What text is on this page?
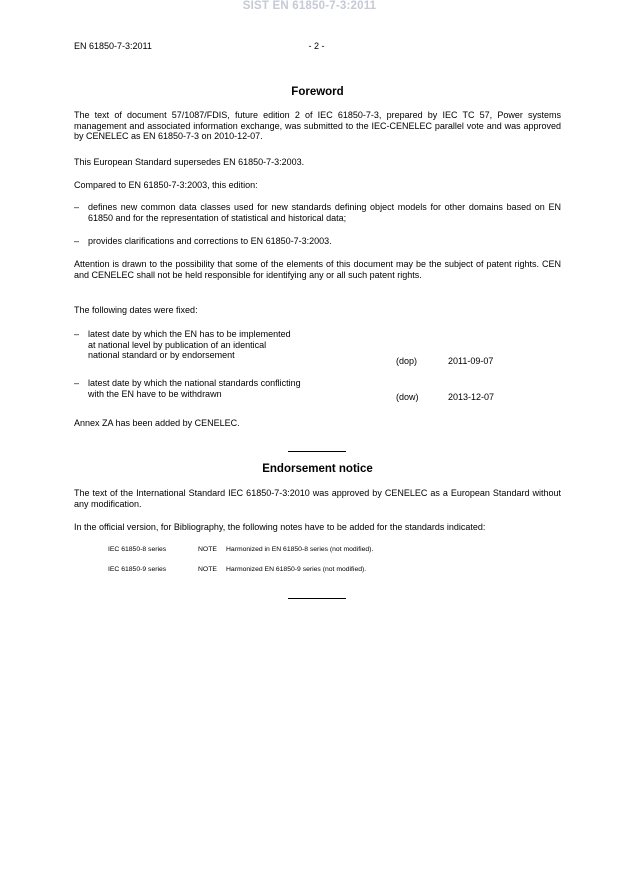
SIST EN 61850-7-3:2011
EN 61850-7-3:2011	- 2 -
Foreword

The text of document 57/1087/FDIS, future edition 2 of IEC 61850-7-3, prepared by IEC TC 57, Power systems management and associated information exchange, was submitted to the IEC-CENELEC parallel vote and was approved by CENELEC as EN 61850-7-3 on 2010-12-07.

This European Standard supersedes EN 61850-7-3:2003.

Compared to EN 61850-7-3:2003, this edition:

– defines new common data classes used for new standards defining object models for other domains based on EN 61850 and for the representation of statistical and historical data;
– provides clarifications and corrections to EN 61850-7-3:2003.

Attention is drawn to the possibility that some of the elements of this document may be the subject of patent rights. CEN and CENELEC shall not be held responsible for identifying any or all such patent rights.

The following dates were fixed:

– latest date by which the EN has to be implemented
at national level by publication of an identical
national standard or by endorsement
(dop)	2011-09-07
– latest date by which the national standards conflicting
with the EN have to be withdrawn	(dow)	2013-12-07

Annex ZA has been added by CENELEC.

Endorsement notice

The text of the International Standard IEC 61850-7-3:2010 was approved by CENELEC as a European Standard without any modification.

In the official version, for Bibliography, the following notes have to be added for the standards indicated:

IEC 61850-8 series	NOTE Harmonized in EN 61850-8 series (not modified).
IEC 61850-9 series	NOTE Harmonized EN 61850-9 series (not modified).
